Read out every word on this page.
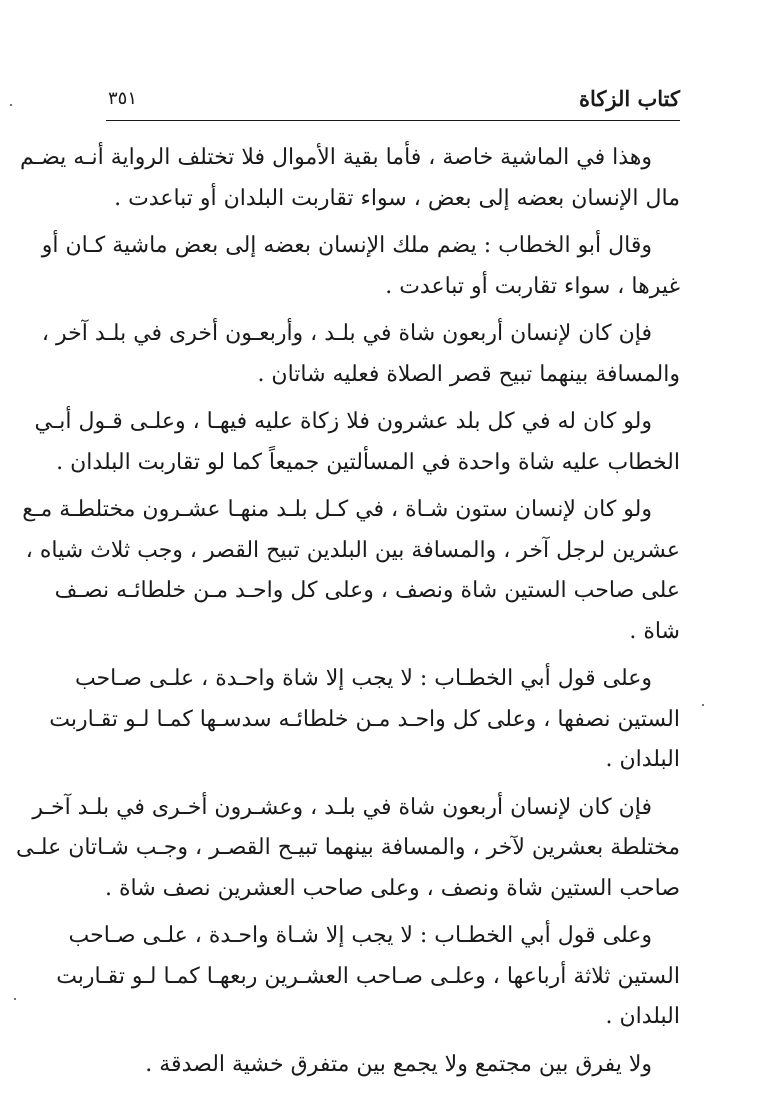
كتاب الزكاة
٣٥١
وهذا في الماشية خاصة ، فأما بقية الأموال فلا تختلف الرواية أنـه يضـم
مال الإنسان بعضه إلى بعض ، سواء تقاربت البلدان أو تباعدت .
وقال أبو الخطاب : يضم ملك الإنسان بعضه إلى بعض ماشية كـان أو
غيرها ، سواء تقاربت أو تباعدت .
فإن كان لإنسان أربعون شاة في بلـد ، وأربعـون أخرى في بلـد آخر ،
والمسافة بينهما تبيح قصر الصلاة فعليه شاتان .
ولو كان له في كل بلد عشرون فلا زكاة عليه فيهـا ، وعلـى قـول أبـي
الخطاب عليه شاة واحدة في المسألتين جميعاً كما لو تقاربت البلدان .
ولو كان لإنسان ستون شـاة ، في كـل بلـد منهـا عشـرون مختلطـة مـع
عشرين لرجل آخر ، والمسافة بين البلدين تبيح القصر ، وجب ثلاث شياه ،
على صاحب الستين شاة ونصف ، وعلى كل واحـد مـن خلطائـه نصـف
شاة .
وعلى قول أبي الخطـاب : لا يجب إلا شاة واحـدة ، علـى صـاحب
الستين نصفها ، وعلى كل واحـد مـن خلطائـه سدسـها كمـا لـو تقـاربت
البلدان .
فإن كان لإنسان أربعون شاة في بلـد ، وعشـرون أخـرى في بلـد آخـر
مختلطة بعشرين لآخر ، والمسافة بينهما تبيـح القصـر ، وجـب شـاتان علـى
صاحب الستين شاة ونصف ، وعلى صاحب العشرين نصف شاة .
وعلى قول أبي الخطـاب : لا يجب إلا شـاة واحـدة ، علـى صـاحب
الستين ثلاثة أرباعها ، وعلـى صـاحب العشـرين ربعهـا كمـا لـو تقـاربت
البلدان .
ولا يفرق بين مجتمع ولا يجمع بين متفرق خشية الصدقة .
